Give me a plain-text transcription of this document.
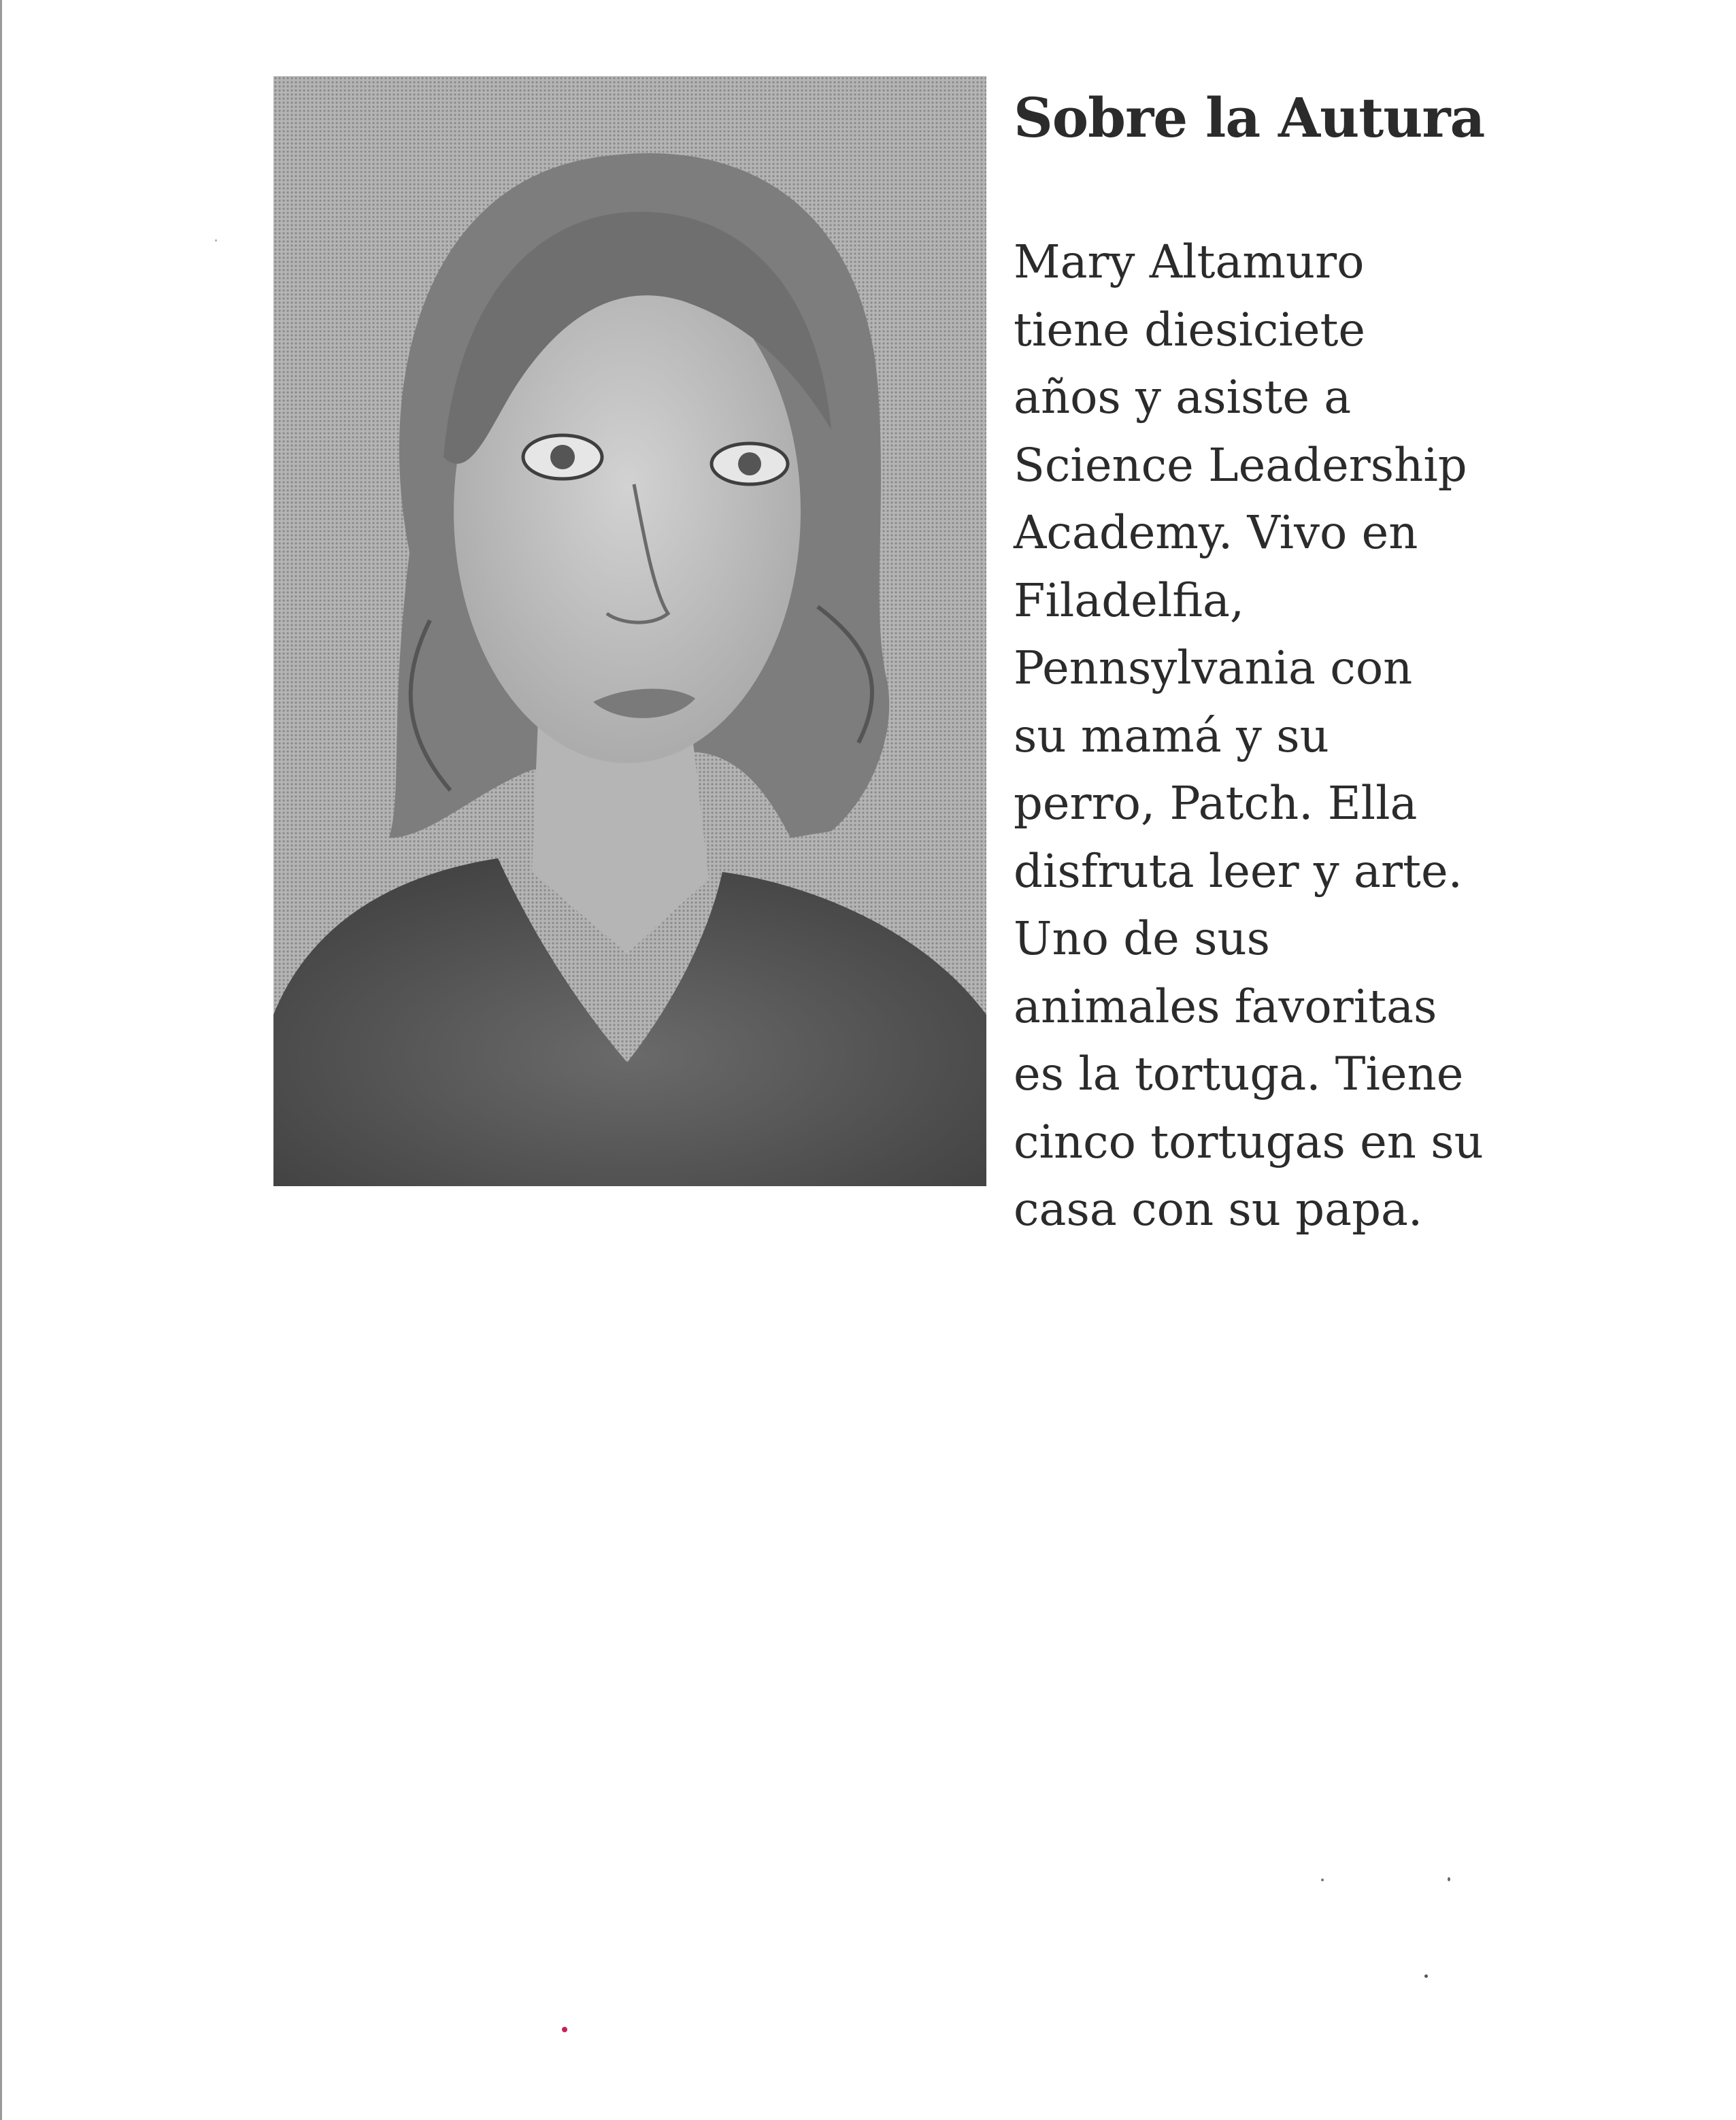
Sobre la Autura
Mary Altamuro
tiene diesiciete
años y asiste a
Science Leadership
Academy. Vivo en
Filadelfia,
Pennsylvania con
su mamá y su
perro, Patch. Ella
disfruta leer y arte.
Uno de sus
animales favoritas
es la tortuga. Tiene
cinco tortugas en su
casa con su papa.
